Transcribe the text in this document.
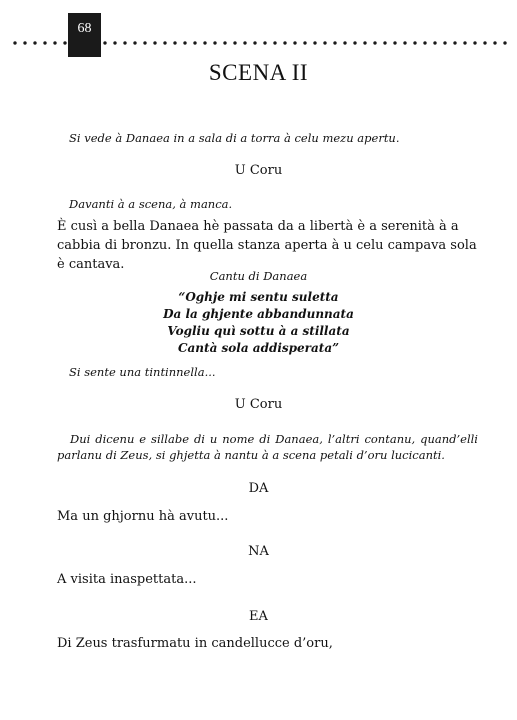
68
SCENA II
Si vede à Danaea in a sala di a torra à celu mezu apertu.
U Coru
Davanti à a scena, à manca.
È cusì a bella Danaea hè passata da a libertà è a serenità à a cabbia di bronzu. In quella stanza aperta à u celu campava sola è cantava.
Cantu di Danaea
“Oghje mi sentu suletta
Da la ghjente abbandunnata
Vogliu quì sottu à a stillata
Cantà sola addisperata”
Si sente una tintinnella...
U Coru
Dui dicenu e sillabe di u nome di Danaea, l’altri contanu, quand’elli parlanu di Zeus, si ghjetta à nantu à a scena petali d’oru lucicanti.
DA
Ma un ghjornu hà avutu...
NA
A visita inaspettata...
EA
Di Zeus trasfurmatu in candellucce d’oru,
